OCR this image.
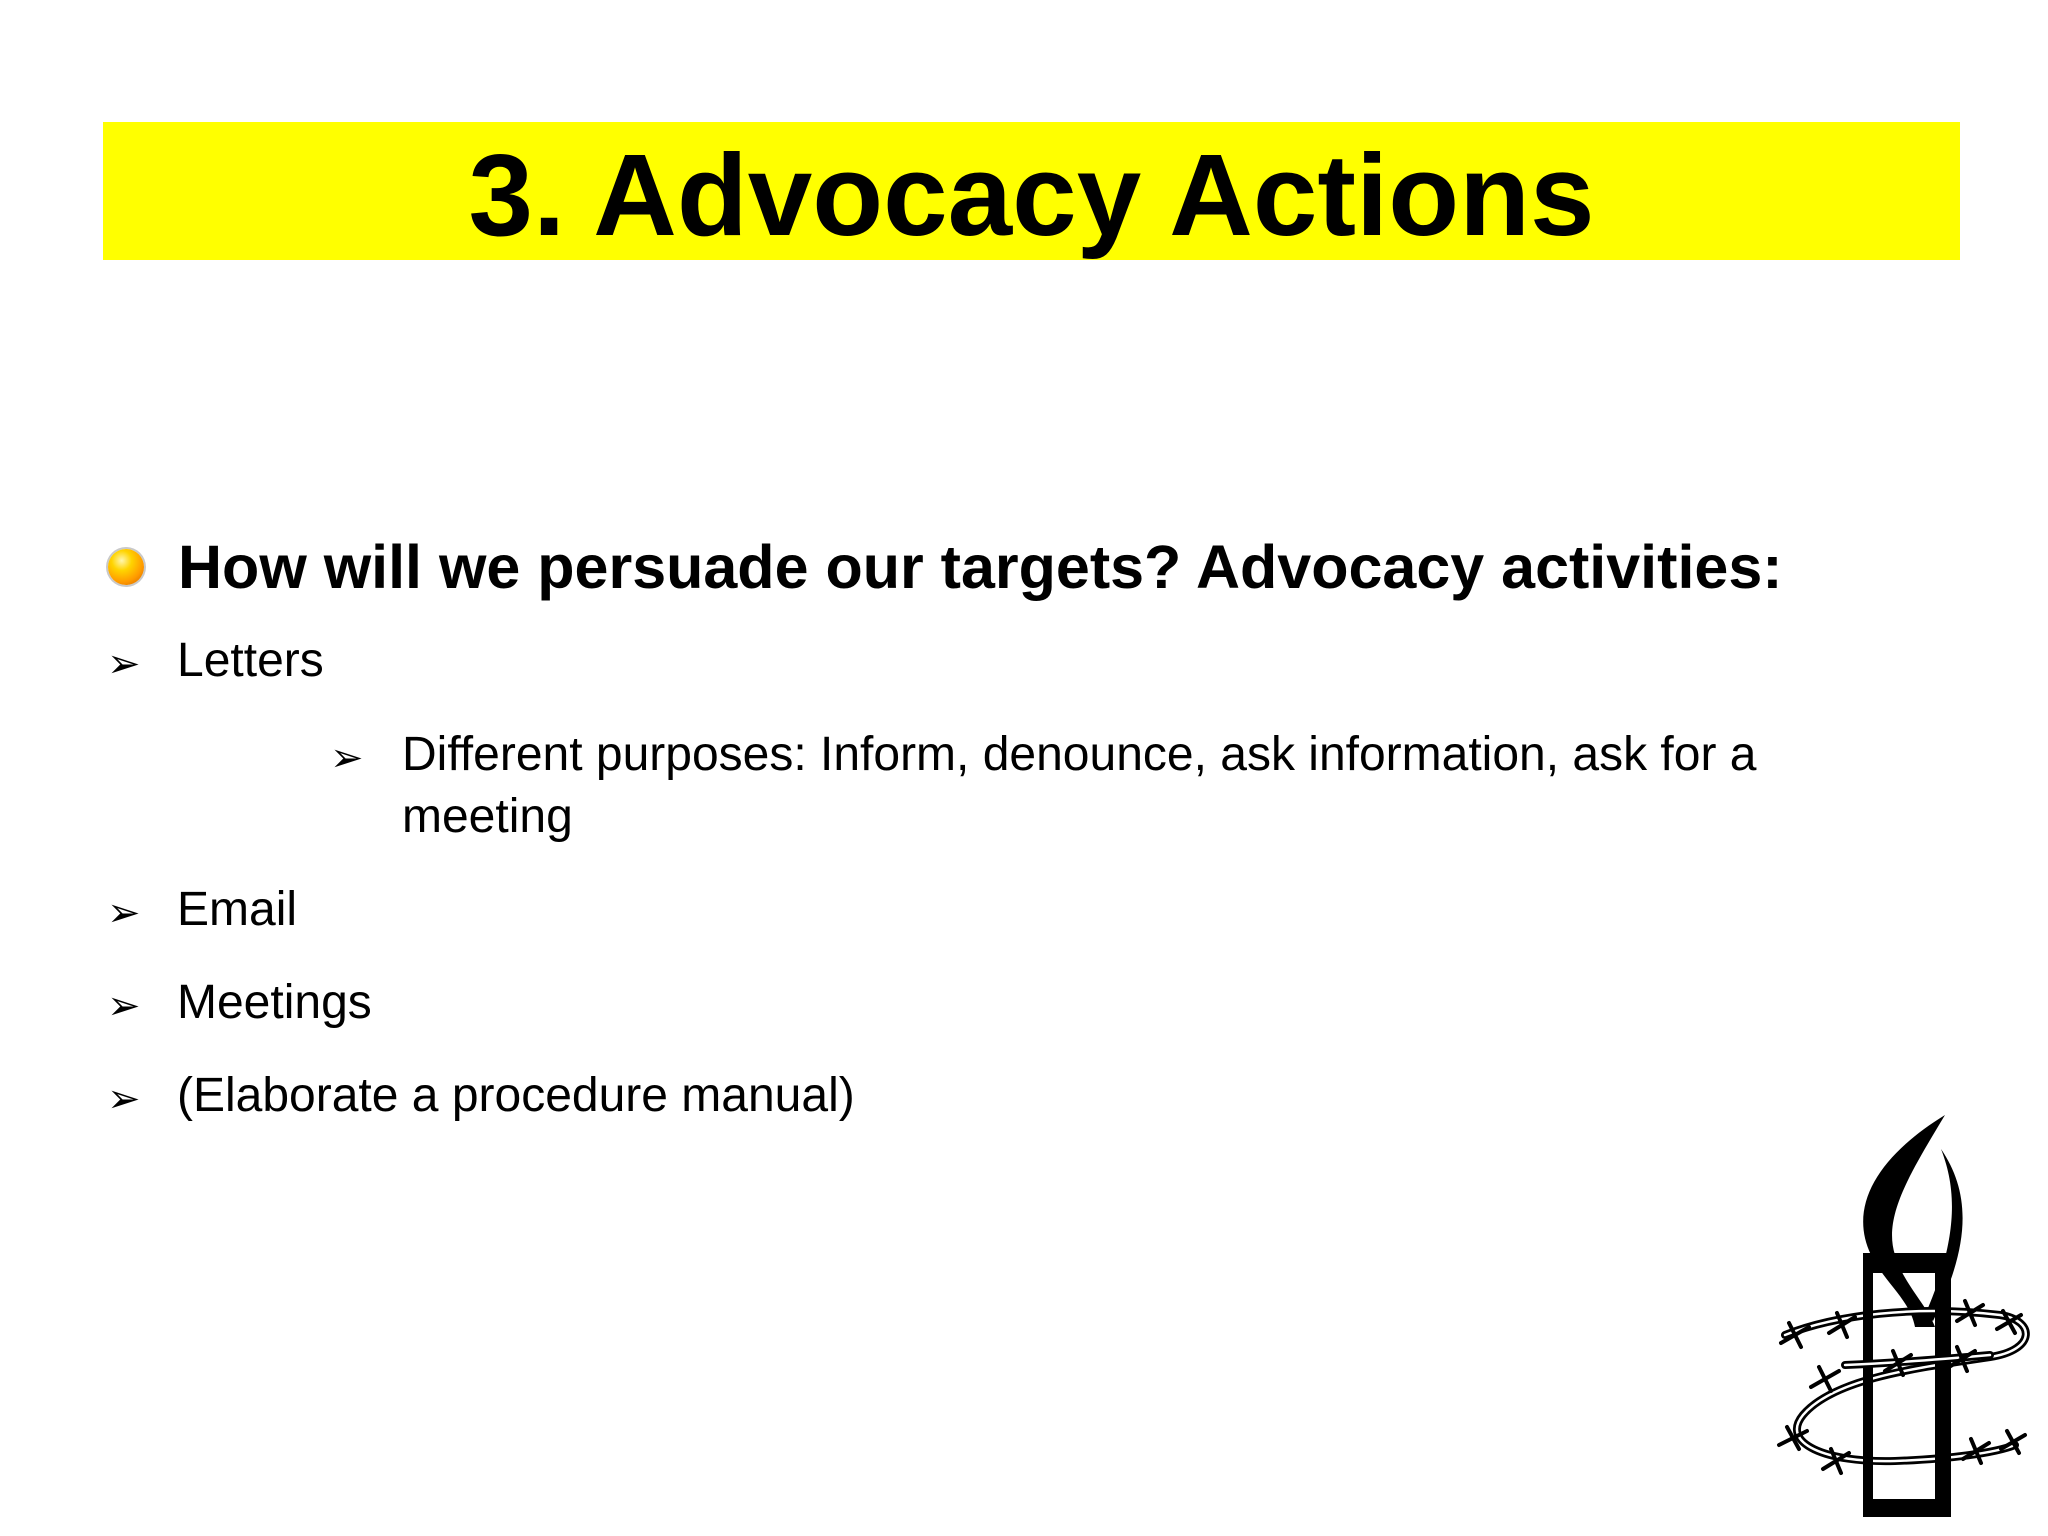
3. Advocacy Actions
How will we persuade our targets? Advocacy activities:
➢ Letters
➢ Different purposes: Inform, denounce, ask information, ask for a
meeting
➢ Email
➢ Meetings
➢ (Elaborate a procedure manual)
